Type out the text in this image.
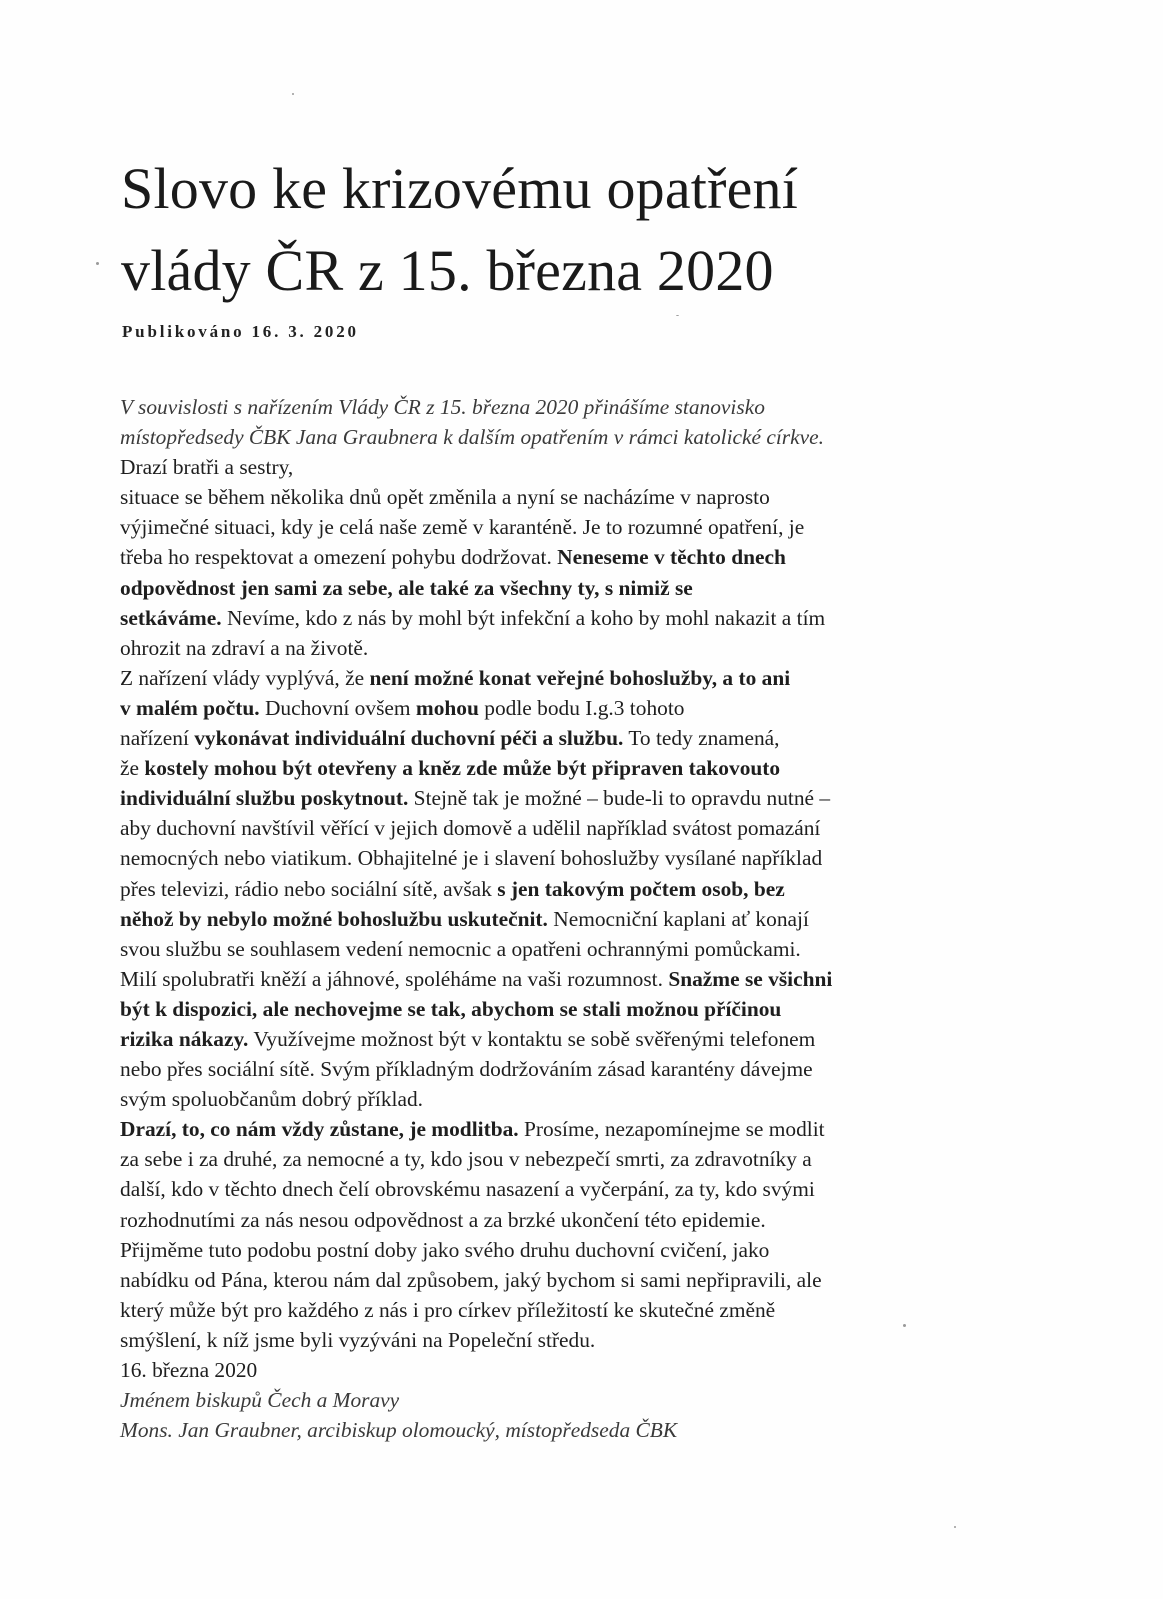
Slovo ke krizovému opatření
vlády ČR z 15. března 2020
Publikováno 16. 3. 2020
V souvislosti s nařízením Vlády ČR z 15. března 2020 přinášíme stanovisko
místopředsedy ČBK Jana Graubnera k dalším opatřením v rámci katolické církve.
Drazí bratři a sestry,
situace se během několika dnů opět změnila a nyní se nacházíme v naprosto
výjimečné situaci, kdy je celá naše země v karanténě. Je to rozumné opatření, je
třeba ho respektovat a omezení pohybu dodržovat. Neneseme v těchto dnech
odpovědnost jen sami za sebe, ale také za všechny ty, s nimiž se
setkáváme. Nevíme, kdo z nás by mohl být infekční a koho by mohl nakazit a tím
ohrozit na zdraví a na životě.
Z nařízení vlády vyplývá, že není možné konat veřejné bohoslužby, a to ani
v malém počtu. Duchovní ovšem mohou podle bodu I.g.3 tohoto
nařízení vykonávat individuální duchovní péči a službu. To tedy znamená,
že kostely mohou být otevřeny a kněz zde může být připraven takovouto
individuální službu poskytnout. Stejně tak je možné – bude-li to opravdu nutné –
aby duchovní navštívil věřící v jejich domově a udělil například svátost pomazání
nemocných nebo viatikum. Obhajitelné je i slavení bohoslužby vysílané například
přes televizi, rádio nebo sociální sítě, avšak s jen takovým počtem osob, bez
něhož by nebylo možné bohoslužbu uskutečnit. Nemocniční kaplani ať konají
svou službu se souhlasem vedení nemocnic a opatřeni ochrannými pomůckami.
Milí spolubratři kněží a jáhnové, spoléháme na vaši rozumnost. Snažme se všichni
být k dispozici, ale nechovejme se tak, abychom se stali možnou příčinou
rizika nákazy. Využívejme možnost být v kontaktu se sobě svěřenými telefonem
nebo přes sociální sítě. Svým příkladným dodržováním zásad karantény dávejme
svým spoluobčanům dobrý příklad.
Drazí, to, co nám vždy zůstane, je modlitba. Prosíme, nezapomínejme se modlit
za sebe i za druhé, za nemocné a ty, kdo jsou v nebezpečí smrti, za zdravotníky a
další, kdo v těchto dnech čelí obrovskému nasazení a vyčerpání, za ty, kdo svými
rozhodnutími za nás nesou odpovědnost a za brzké ukončení této epidemie.
Přijměme tuto podobu postní doby jako svého druhu duchovní cvičení, jako
nabídku od Pána, kterou nám dal způsobem, jaký bychom si sami nepřipravili, ale
který může být pro každého z nás i pro církev příležitostí ke skutečné změně
smýšlení, k níž jsme byli vyzýváni na Popeleční středu.
16. března 2020
Jménem biskupů Čech a Moravy
Mons. Jan Graubner, arcibiskup olomoucký, místopředseda ČBK
